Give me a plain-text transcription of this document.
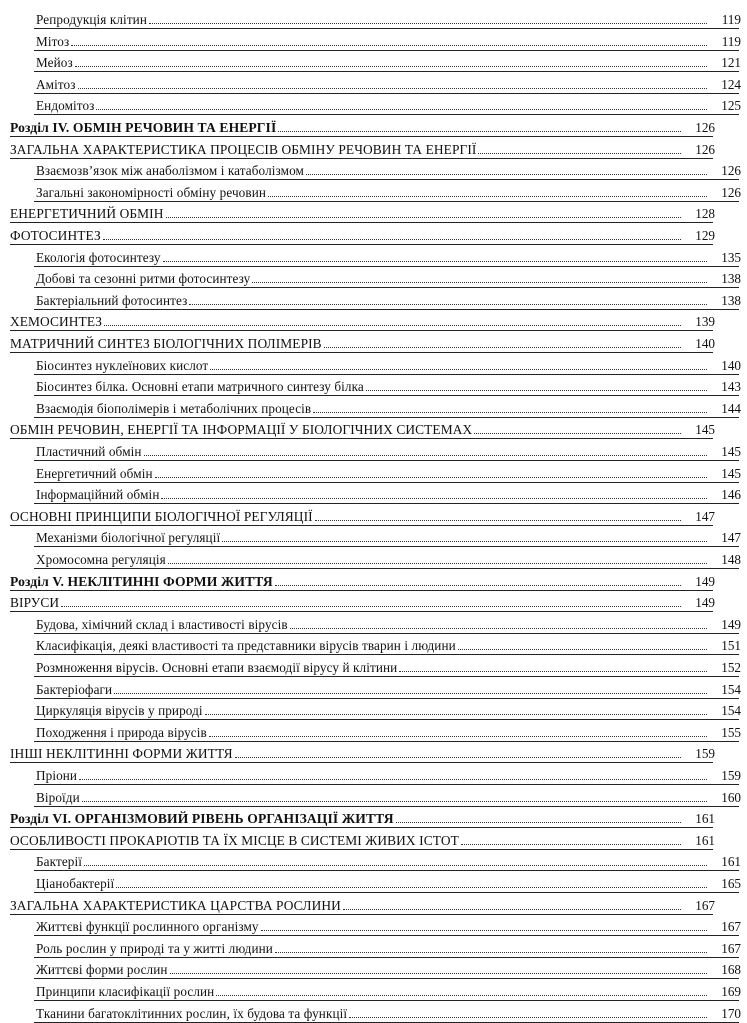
Репродукція клітин	119
Мітоз	119
Мейоз	121
Амітоз	124
Ендомітоз	125
Розділ IV. ОБМІН РЕЧОВИН ТА ЕНЕРГІЇ	126
ЗАГАЛЬНА ХАРАКТЕРИСТИКА ПРОЦЕСІВ ОБМІНУ РЕЧОВИН ТА ЕНЕРГІЇ	126
Взаємозв’язок між анаболізмом і катаболізмом	126
Загальні закономірності обміну речовин	126
ЕНЕРГЕТИЧНИЙ ОБМІН	128
ФОТОСИНТЕЗ	129
Екологія фотосинтезу	135
Добові та сезонні ритми фотосинтезу	138
Бактеріальний фотосинтез	138
ХЕМОСИНТЕЗ	139
МАТРИЧНИЙ СИНТЕЗ БІОЛОГІЧНИХ ПОЛІМЕРІВ	140
Біосинтез нуклеїнових кислот	140
Біосинтез білка. Основні етапи матричного синтезу білка	143
Взаємодія біополімерів і метаболічних процесів	144
ОБМІН РЕЧОВИН, ЕНЕРГІЇ ТА ІНФОРМАЦІЇ У БІОЛОГІЧНИХ СИСТЕМАХ	145
Пластичний обмін	145
Енергетичний обмін	145
Інформаційний обмін	146
ОСНОВНІ ПРИНЦИПИ БІОЛОГІЧНОЇ РЕГУЛЯЦІЇ	147
Механізми біологічної регуляції	147
Хромосомна регуляція	148
Розділ V. НЕКЛІТИННІ ФОРМИ ЖИТТЯ	149
ВІРУСИ	149
Будова, хімічний склад і властивості вірусів	149
Класифікація, деякі властивості та представники вірусів тварин і людини	151
Розмноження вірусів. Основні етапи взаємодії вірусу й клітини	152
Бактеріофаги	154
Циркуляція вірусів у природі	154
Походження і природа вірусів	155
ІНШІ НЕКЛІТИННІ ФОРМИ ЖИТТЯ	159
Пріони	159
Віроїди	160
Розділ VI. ОРГАНІЗМОВИЙ РІВЕНЬ ОРГАНІЗАЦІЇ ЖИТТЯ	161
ОСОБЛИВОСТІ ПРОКАРІОТІВ ТА ЇХ МІСЦЕ В СИСТЕМІ ЖИВИХ ІСТОТ	161
Бактерії	161
Ціанобактерії	165
ЗАГАЛЬНА ХАРАКТЕРИСТИКА ЦАРСТВА РОСЛИНИ	167
Життєві функції рослинного організму	167
Роль рослин у природі та у житті людини	167
Життєві форми рослин	168
Принципи класифікації рослин	169
Тканини багатоклітинних рослин, їх будова та функції	170
